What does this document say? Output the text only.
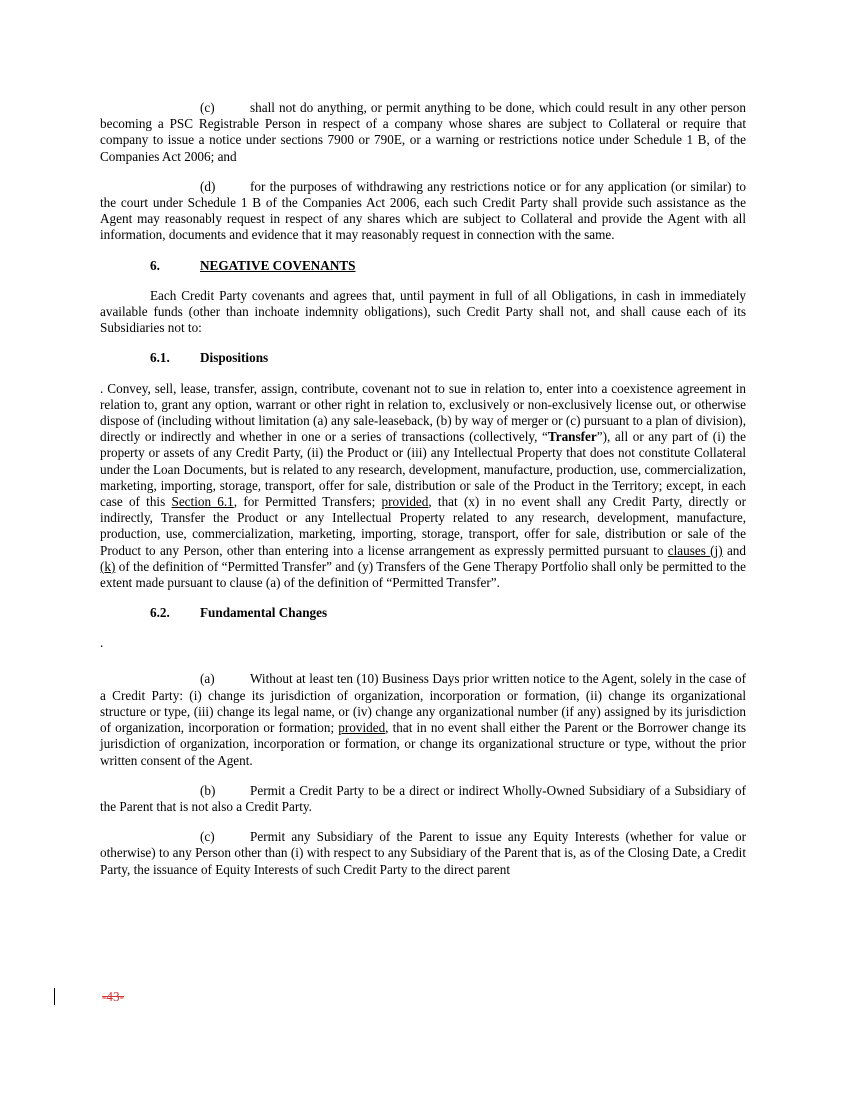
(c)	shall not do anything, or permit anything to be done, which could result in any other person becoming a PSC Registrable Person in respect of a company whose shares are subject to Collateral or require that company to issue a notice under sections 7900 or 790E, or a warning or restrictions notice under Schedule 1 B, of the Companies Act 2006; and

(d)	for the purposes of withdrawing any restrictions notice or for any application (or similar) to the court under Schedule 1 B of the Companies Act 2006, each such Credit Party shall provide such assistance as the Agent may reasonably request in respect of any shares which are subject to Collateral and provide the Agent with all information, documents and evidence that it may reasonably request in connection with the same.

6.	NEGATIVE COVENANTS

Each Credit Party covenants and agrees that, until payment in full of all Obligations, in cash in immediately available funds (other than inchoate indemnity obligations), such Credit Party shall not, and shall cause each of its Subsidiaries not to:

6.1. Dispositions

. Convey, sell, lease, transfer, assign, contribute, covenant not to sue in relation to, enter into a coexistence agreement in relation to, grant any option, warrant or other right in relation to, exclusively or non-exclusively license out, or otherwise dispose of (including without limitation (a) any sale-leaseback, (b) by way of merger or (c) pursuant to a plan of division), directly or indirectly and whether in one or a series of transactions (collectively, “Transfer”), all or any part of (i) the property or assets of any Credit Party, (ii) the Product or (iii) any Intellectual Property that does not constitute Collateral under the Loan Documents, but is related to any research, development, manufacture, production, use, commercialization, marketing, importing, storage, transport, offer for sale, distribution or sale of the Product in the Territory; except, in each case of this Section 6.1, for Permitted Transfers; provided, that (x) in no event shall any Credit Party, directly or indirectly, Transfer the Product or any Intellectual Property related to any research, development, manufacture, production, use, commercialization, marketing, importing, storage, transport, offer for sale, distribution or sale of the Product to any Person, other than entering into a license arrangement as expressly permitted pursuant to clauses (j) and (k) of the definition of “Permitted Transfer” and (y) Transfers of the Gene Therapy Portfolio shall only be permitted to the extent made pursuant to clause (a) of the definition of “Permitted Transfer”.

6.2. Fundamental Changes
.

(a)	Without at least ten (10) Business Days prior written notice to the Agent, solely in the case of a Credit Party: (i) change its jurisdiction of organization, incorporation or formation, (ii) change its organizational structure or type, (iii) change its legal name, or (iv) change any organizational number (if any) assigned by its jurisdiction of organization, incorporation or formation; provided, that in no event shall either the Parent or the Borrower change its jurisdiction of organization, incorporation or formation, or change its organizational structure or type, without the prior written consent of the Agent.

(b)	Permit a Credit Party to be a direct or indirect Wholly-Owned Subsidiary of a Subsidiary of the Parent that is not also a Credit Party.

(c)	Permit any Subsidiary of the Parent to issue any Equity Interests (whether for value or otherwise) to any Person other than (i) with respect to any Subsidiary of the Parent that is, as of the Closing Date, a Credit Party, the issuance of Equity Interests of such Credit Party to the direct parent

-43-
